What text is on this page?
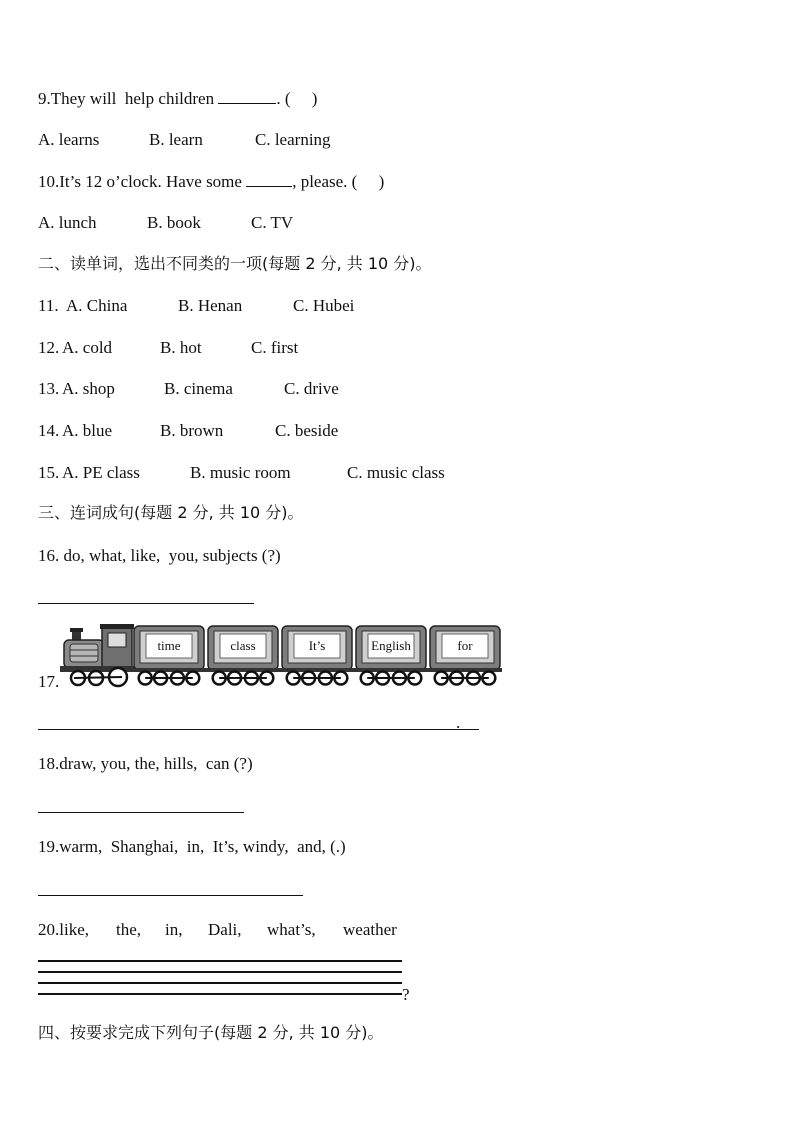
9.They will  help children	. (     )
A. learns	B. learn	C. learning
10.It’s 12 o’clock. Have some	, please. (     )
A. lunch	B. book	C. TV
二、读单词，选出不同类的一项(每题 2 分, 共 10 分)。
11. A. China	B. Henan	C. Hubei
12. A. cold	B. hot	C. first
13. A. shop	B. cinema	C. drive
14. A. blue	B. brown	C. beside
15. A. PE class	B. music room	C. music class
三、连词成句(每题 2 分, 共 10 分)。
16. do, what, like,  you, subjects (?)
17.
time	class	It’s	English	for
.
18.draw, you, the, hills,  can (?)
19.warm,  Shanghai,  in,  It’s, windy,  and, (.)
20.like, the, in, Dali, what’s, weather
?
四、按要求完成下列句子(每题 2 分, 共 10 分)。
